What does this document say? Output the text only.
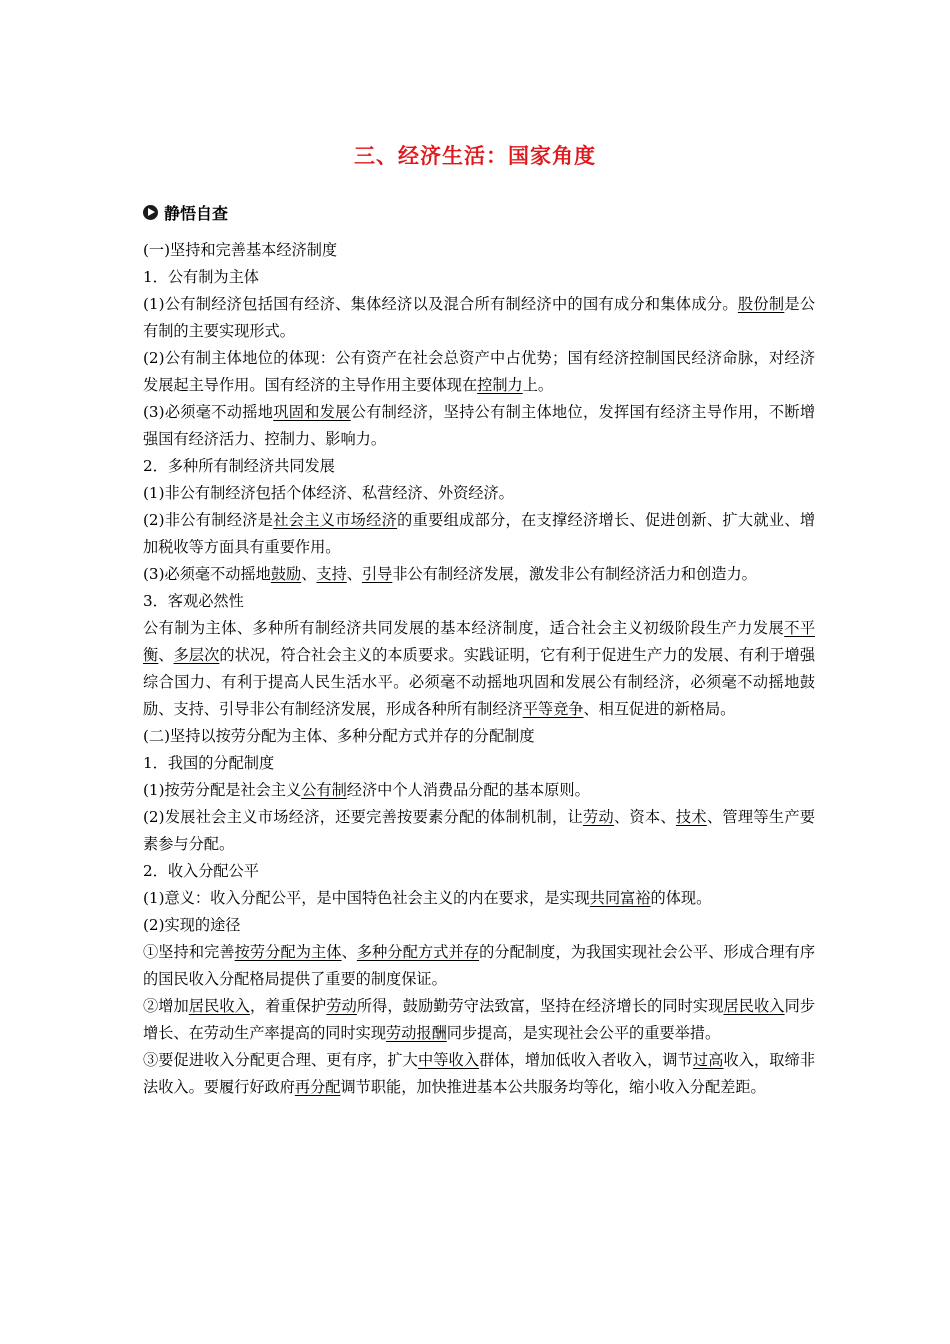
三、经济生活：国家角度
静悟自查

(一)坚持和完善基本经济制度

1．公有制为主体

(1)公有制经济包括国有经济、集体经济以及混合所有制经济中的国有成分和集体成分。股份制是公有制的主要实现形式。

(2)公有制主体地位的体现：公有资产在社会总资产中占优势；国有经济控制国民经济命脉，对经济发展起主导作用。国有经济的主导作用主要体现在控制力上。

(3)必须毫不动摇地巩固和发展公有制经济，坚持公有制主体地位，发挥国有经济主导作用，不断增强国有经济活力、控制力、影响力。

2．多种所有制经济共同发展

(1)非公有制经济包括个体经济、私营经济、外资经济。

(2)非公有制经济是社会主义市场经济的重要组成部分，在支撑经济增长、促进创新、扩大就业、增加税收等方面具有重要作用。

(3)必须毫不动摇地鼓励、支持、引导非公有制经济发展，激发非公有制经济活力和创造力。

3．客观必然性

公有制为主体、多种所有制经济共同发展的基本经济制度，适合社会主义初级阶段生产力发展不平衡、多层次的状况，符合社会主义的本质要求。实践证明，它有利于促进生产力的发展、有利于增强综合国力、有利于提高人民生活水平。必须毫不动摇地巩固和发展公有制经济，必须毫不动摇地鼓励、支持、引导非公有制经济发展，形成各种所有制经济平等竞争、相互促进的新格局。

(二)坚持以按劳分配为主体、多种分配方式并存的分配制度

1．我国的分配制度

(1)按劳分配是社会主义公有制经济中个人消费品分配的基本原则。

(2)发展社会主义市场经济，还要完善按要素分配的体制机制，让劳动、资本、技术、管理等生产要素参与分配。

2．收入分配公平

(1)意义：收入分配公平，是中国特色社会主义的内在要求，是实现共同富裕的体现。

(2)实现的途径

①坚持和完善按劳分配为主体、多种分配方式并存的分配制度，为我国实现社会公平、形成合理有序的国民收入分配格局提供了重要的制度保证。

②增加居民收入，着重保护劳动所得，鼓励勤劳守法致富，坚持在经济增长的同时实现居民收入同步增长、在劳动生产率提高的同时实现劳动报酬同步提高，是实现社会公平的重要举措。

③要促进收入分配更合理、更有序，扩大中等收入群体，增加低收入者收入，调节过高收入，取缔非法收入。要履行好政府再分配调节职能，加快推进基本公共服务均等化，缩小收入分配差距。
